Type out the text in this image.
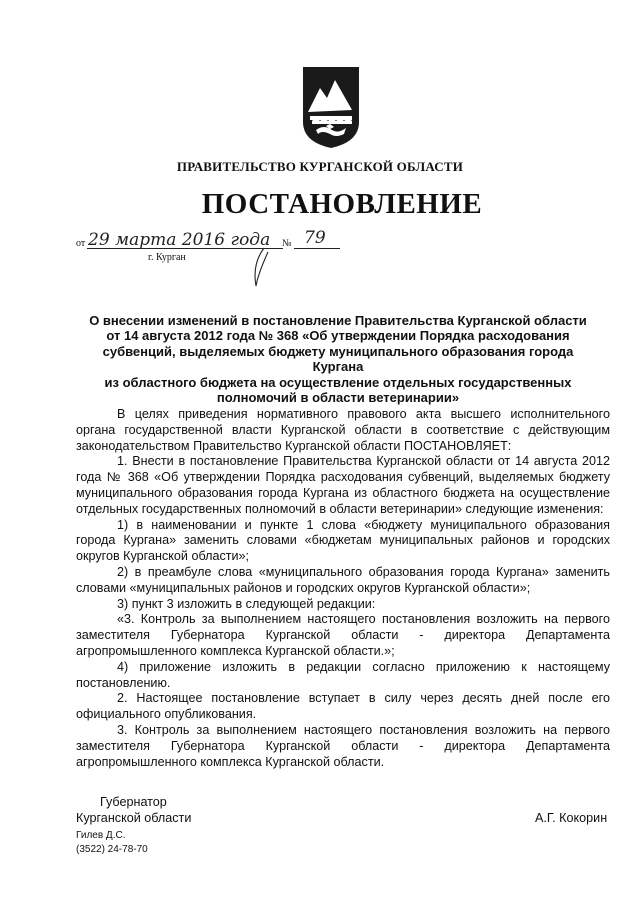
ПРАВИТЕЛЬСТВО КУРГАНСКОЙ ОБЛАСТИ
ПОСТАНОВЛЕНИЕ
от 29 марта 2016 года № 79
г. Курган
О внесении изменений в постановление Правительства Курганской области
от 14 августа 2012 года № 368 «Об утверждении Порядка расходования
субвенций, выделяемых бюджету муниципального образования города Кургана
из областного бюджета на осуществление отдельных государственных
полномочий в области ветеринарии»

В целях приведения нормативного правового акта высшего исполнительного органа государственной власти Курганской области в соответствие с действующим законодательством Правительство Курганской области ПОСТАНОВЛЯЕТ:

1. Внести в постановление Правительства Курганской области от 14 августа 2012 года № 368 «Об утверждении Порядка расходования субвенций, выделяемых бюджету муниципального образования города Кургана из областного бюджета на осуществление отдельных государственных полномочий в области ветеринарии» следующие изменения:

1) в наименовании и пункте 1 слова «бюджету муниципального образования города Кургана» заменить словами «бюджетам муниципальных районов и городских округов Курганской области»;

2) в преамбуле слова «муниципального образования города Кургана» заменить словами «муниципальных районов и городских округов Курганской области»;

3) пункт 3 изложить в следующей редакции:

«3. Контроль за выполнением настоящего постановления возложить на первого заместителя Губернатора Курганской области - директора Департамента агропромышленного комплекса Курганской области.»;

4) приложение изложить в редакции согласно приложению к настоящему постановлению.

2. Настоящее постановление вступает в силу через десять дней после его официального опубликования.

3. Контроль за выполнением настоящего постановления возложить на первого заместителя Губернатора Курганской области - директора Департамента агропромышленного комплекса Курганской области.

Губернатор
Курганской области	А.Г. Кокорин
Гилев Д.С.
(3522) 24-78-70
